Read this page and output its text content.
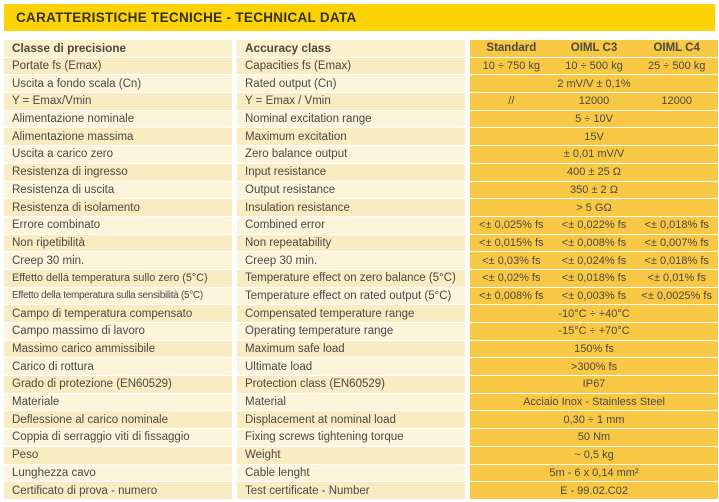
CARATTERISTICHE TECNICHE - TECHNICAL DATA
Classe di precisione	Accuracy class	Standard	OIML C3	OIML C4
Portate fs (Emax)	Capacities fs (Emax)	10 ÷ 750 kg	10 ÷ 500 kg	25 ÷ 500 kg
Uscita a fondo scala (Cn)	Rated output (Cn)	2 mV/V ± 0,1%
Y = Emax/Vmin	Y = Emax / Vmin	//	12000	12000
Alimentazione nominale	Nominal excitation range	5 ÷ 10V
Alimentazione massima	Maximum excitation	15V
Uscita a carico zero	Zero balance output	± 0,01 mV/V
Resistenza di ingresso	Input resistance	400 ± 25 Ω
Resistenza di uscita	Output resistance	350 ± 2 Ω
Resistenza di isolamento	Insulation resistance	> 5 GΩ
Errore combinato	Combined error	<± 0,025% fs	<± 0,022% fs	<± 0,018% fs
Non ripetibilità	Non repeatability	<± 0,015% fs	<± 0,008% fs	<± 0,007% fs
Creep 30 min.	Creep 30 min.	<± 0,03% fs	<± 0,024% fs	<± 0,018% fs
Effetto della temperatura sullo zero (5°C)	Temperature effect on zero balance (5°C)	<± 0,02% fs	<± 0,018% fs	<± 0,01% fs
Effetto della temperatura sulla sensibilità (5°C)	Temperature effect on rated output (5°C)	<± 0,008% fs	<± 0,003% fs	<± 0,0025% fs
Campo di temperatura compensato	Compensated temperature range	-10°C ÷ +40°C
Campo massimo di lavoro	Operating temperature range	-15°C ÷ +70°C
Massimo carico ammissibile	Maximum safe load	150% fs
Carico di rottura	Ultimate load	>300% fs
Grado di protezione (EN60529)	Protection class (EN60529)	IP67
Materiale	Material	Acciaio Inox - Stainless Steel
Deflessione al carico nominale	Displacement at nominal load	0,30 ÷ 1 mm
Coppia di serraggio viti di fissaggio	Fixing screws tightening torque	50 Nm
Peso	Weight	~ 0,5 kg
Lunghezza cavo	Cable lenght	5m - 6 x 0,14 mm²
Certificato di prova - numero	Test certificate - Number	E - 99.02.C02
